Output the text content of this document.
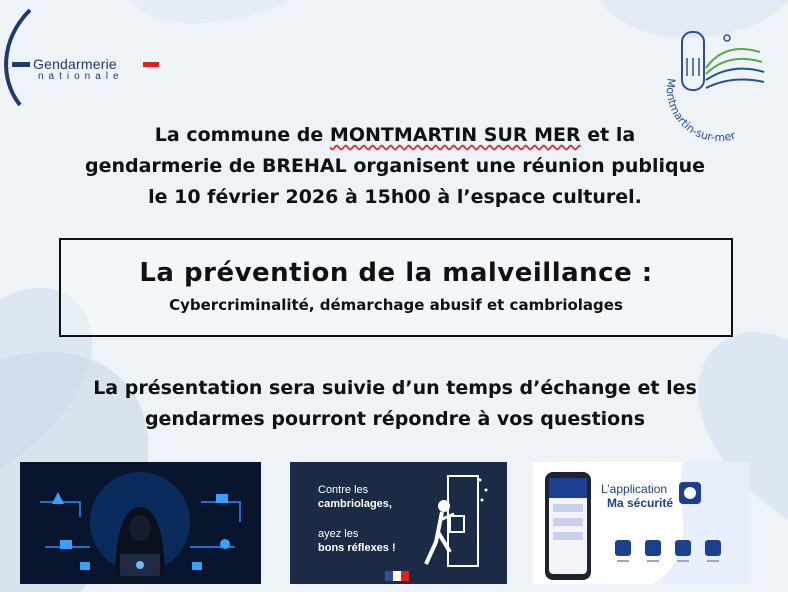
Gendarmerie
nationale
Montmartin-sur-mer
La commune de MONTMARTIN SUR MER et la
gendarmerie de BREHAL organisent une réunion publique
le 10 février 2026 à 15h00 à l’espace culturel.
La prévention de la malveillance :
Cybercriminalité, démarchage abusif et cambriolages
La présentation sera suivie d’un temps d’échange et les
gendarmes pourront répondre à vos questions
Contre les
cambriolages,
ayez les
bons réflexes !
L’application
Ma sécurité
